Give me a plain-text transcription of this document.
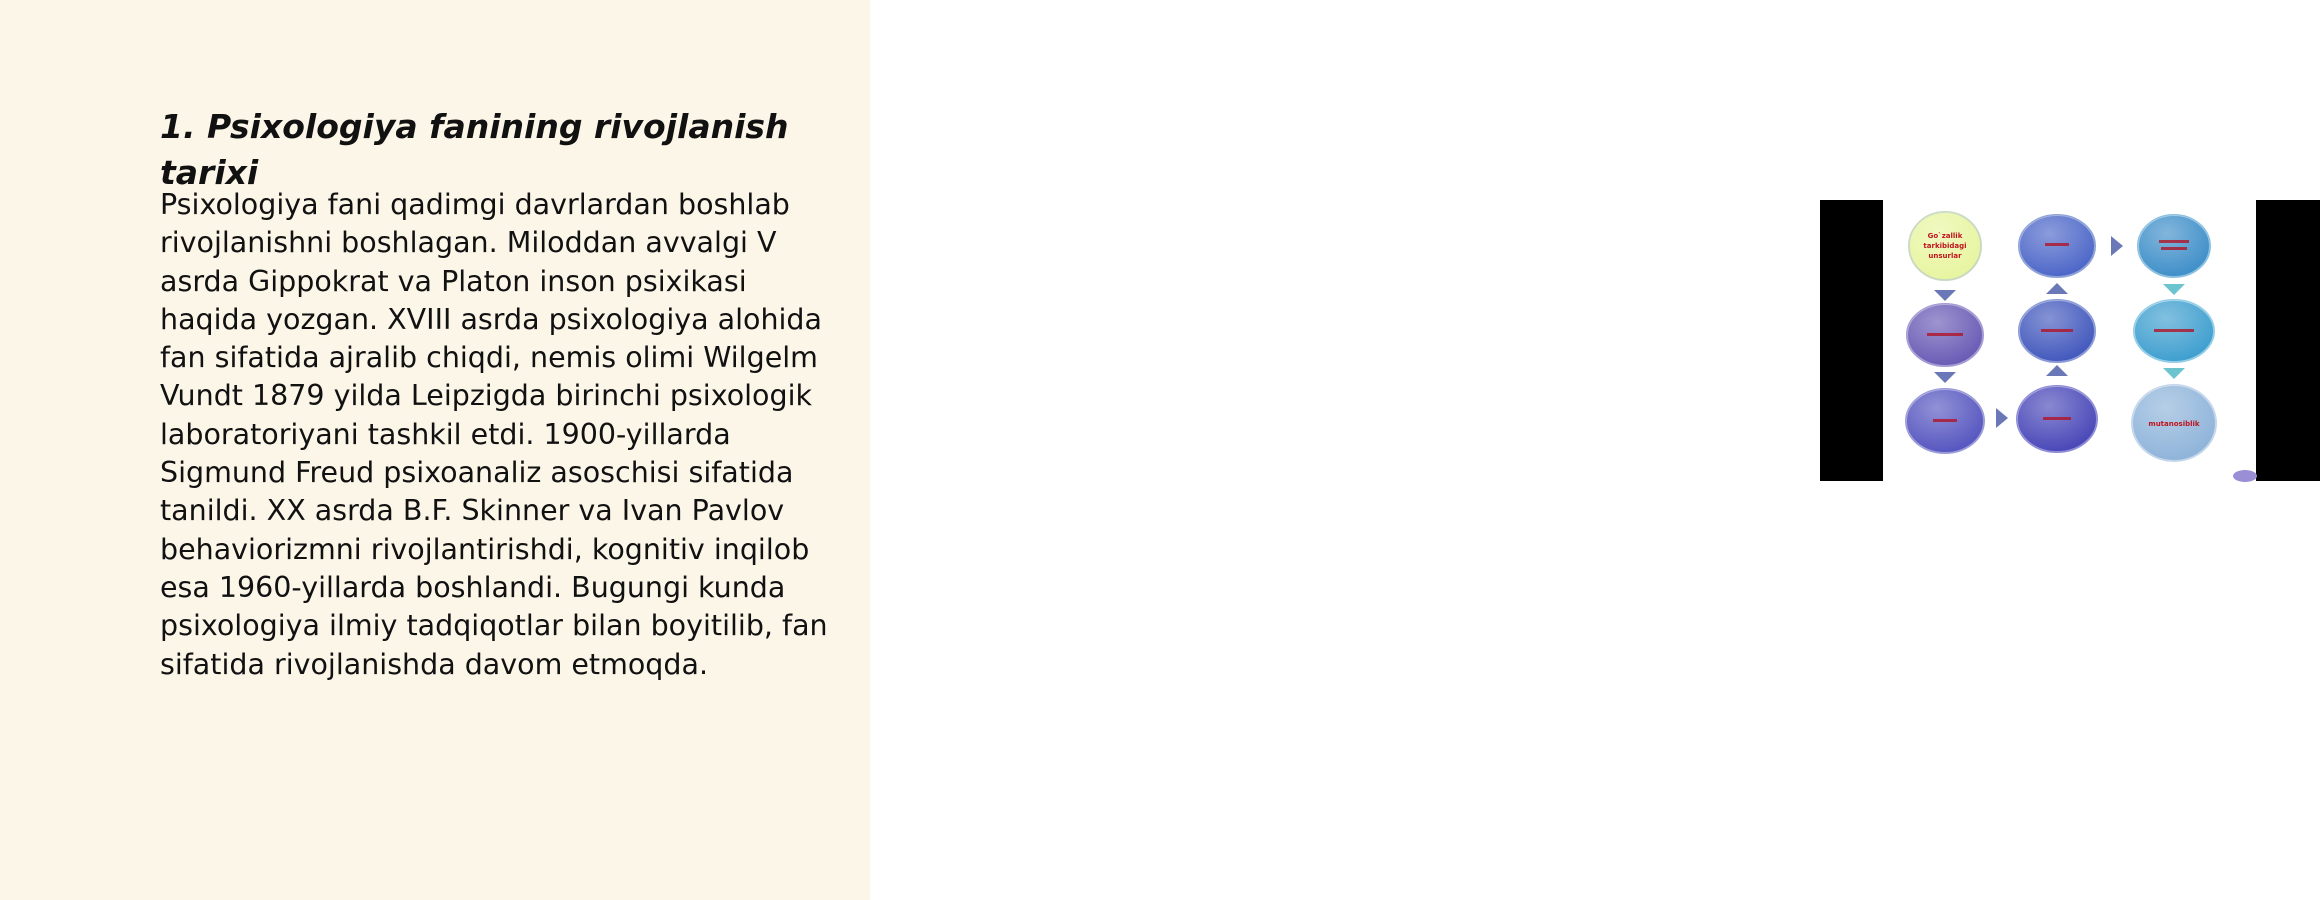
1. Psixologiya fanining rivojlanish tarixi

Psixologiya fani qadimgi davrlardan boshlab rivojlanishni boshlagan. Miloddan avvalgi V asrda Gippokrat va Platon inson psixikasi haqida yozgan. XVIII asrda psixologiya alohida fan sifatida ajralib chiqdi, nemis olimi Wilgelm Vundt 1879 yilda Leipzigda birinchi psixologik laboratoriyani tashkil etdi. 1900-yillarda Sigmund Freud psixoanaliz asoschisi sifatida tanildi. XX asrda B.F. Skinner va Ivan Pavlov behaviorizmni rivojlantirishdi, kognitiv inqilob esa 1960-yillarda boshlandi. Bugungi kunda psixologiya ilmiy tadqiqotlar bilan boyitilib, fan sifatida rivojlanishda davom etmoqda.

Go`zallik
tarkibidagi
unsurlar
mutanosiblik
